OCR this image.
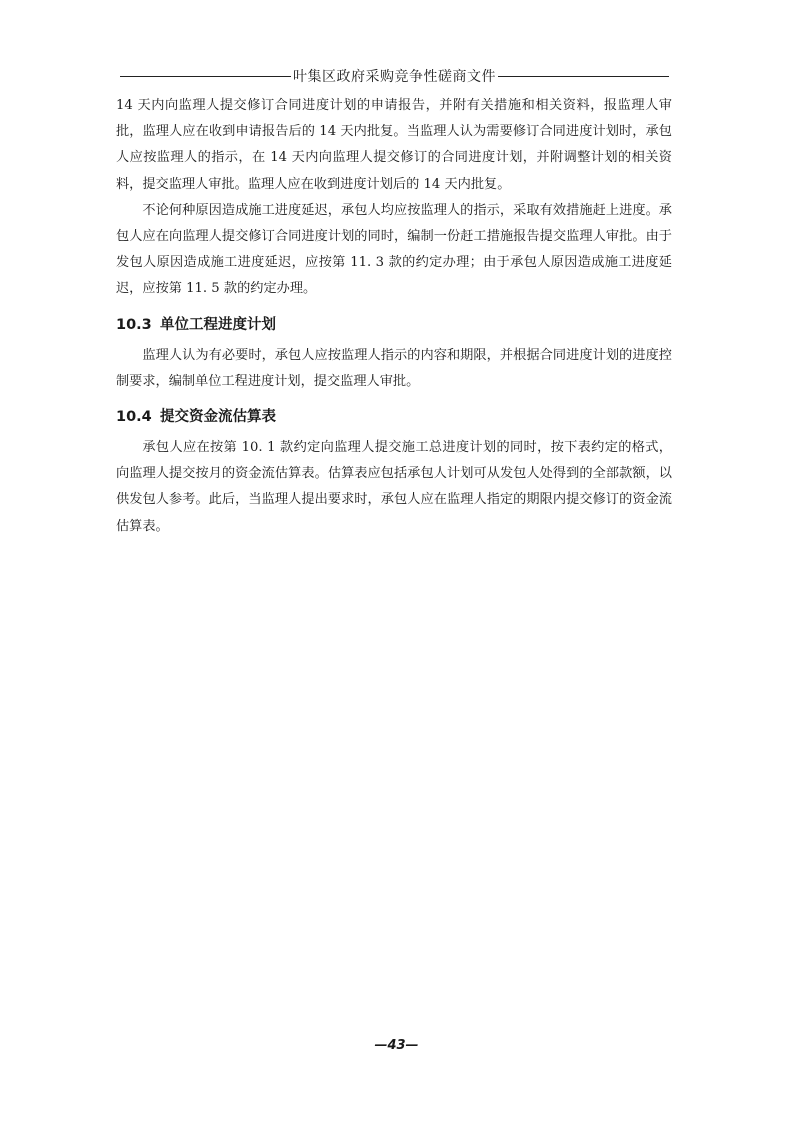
叶集区政府采购竞争性磋商文件

14 天内向监理人提交修订合同进度计划的申请报告，并附有关措施和相关资料，报监理人审批，监理人应在收到申请报告后的 14 天内批复。当监理人认为需要修订合同进度计划时，承包人应按监理人的指示，在 14 天内向监理人提交修订的合同进度计划，并附调整计划的相关资料，提交监理人审批。监理人应在收到进度计划后的 14 天内批复。

不论何种原因造成施工进度延迟，承包人均应按监理人的指示，采取有效措施赶上进度。承包人应在向监理人提交修订合同进度计划的同时，编制一份赶工措施报告提交监理人审批。由于发包人原因造成施工进度延迟，应按第 11. 3 款的约定办理；由于承包人原因造成施工进度延迟，应按第 11. 5 款的约定办理。

10.3 单位工程进度计划

监理人认为有必要时，承包人应按监理人指示的内容和期限，并根据合同进度计划的进度控制要求，编制单位工程进度计划，提交监理人审批。

10.4 提交资金流估算表

承包人应在按第 10. 1 款约定向监理人提交施工总进度计划的同时，按下表约定的格式，向监理人提交按月的资金流估算表。估算表应包括承包人计划可从发包人处得到的全部款额，以供发包人参考。此后，当监理人提出要求时，承包人应在监理人指定的期限内提交修订的资金流估算表。

—43—
